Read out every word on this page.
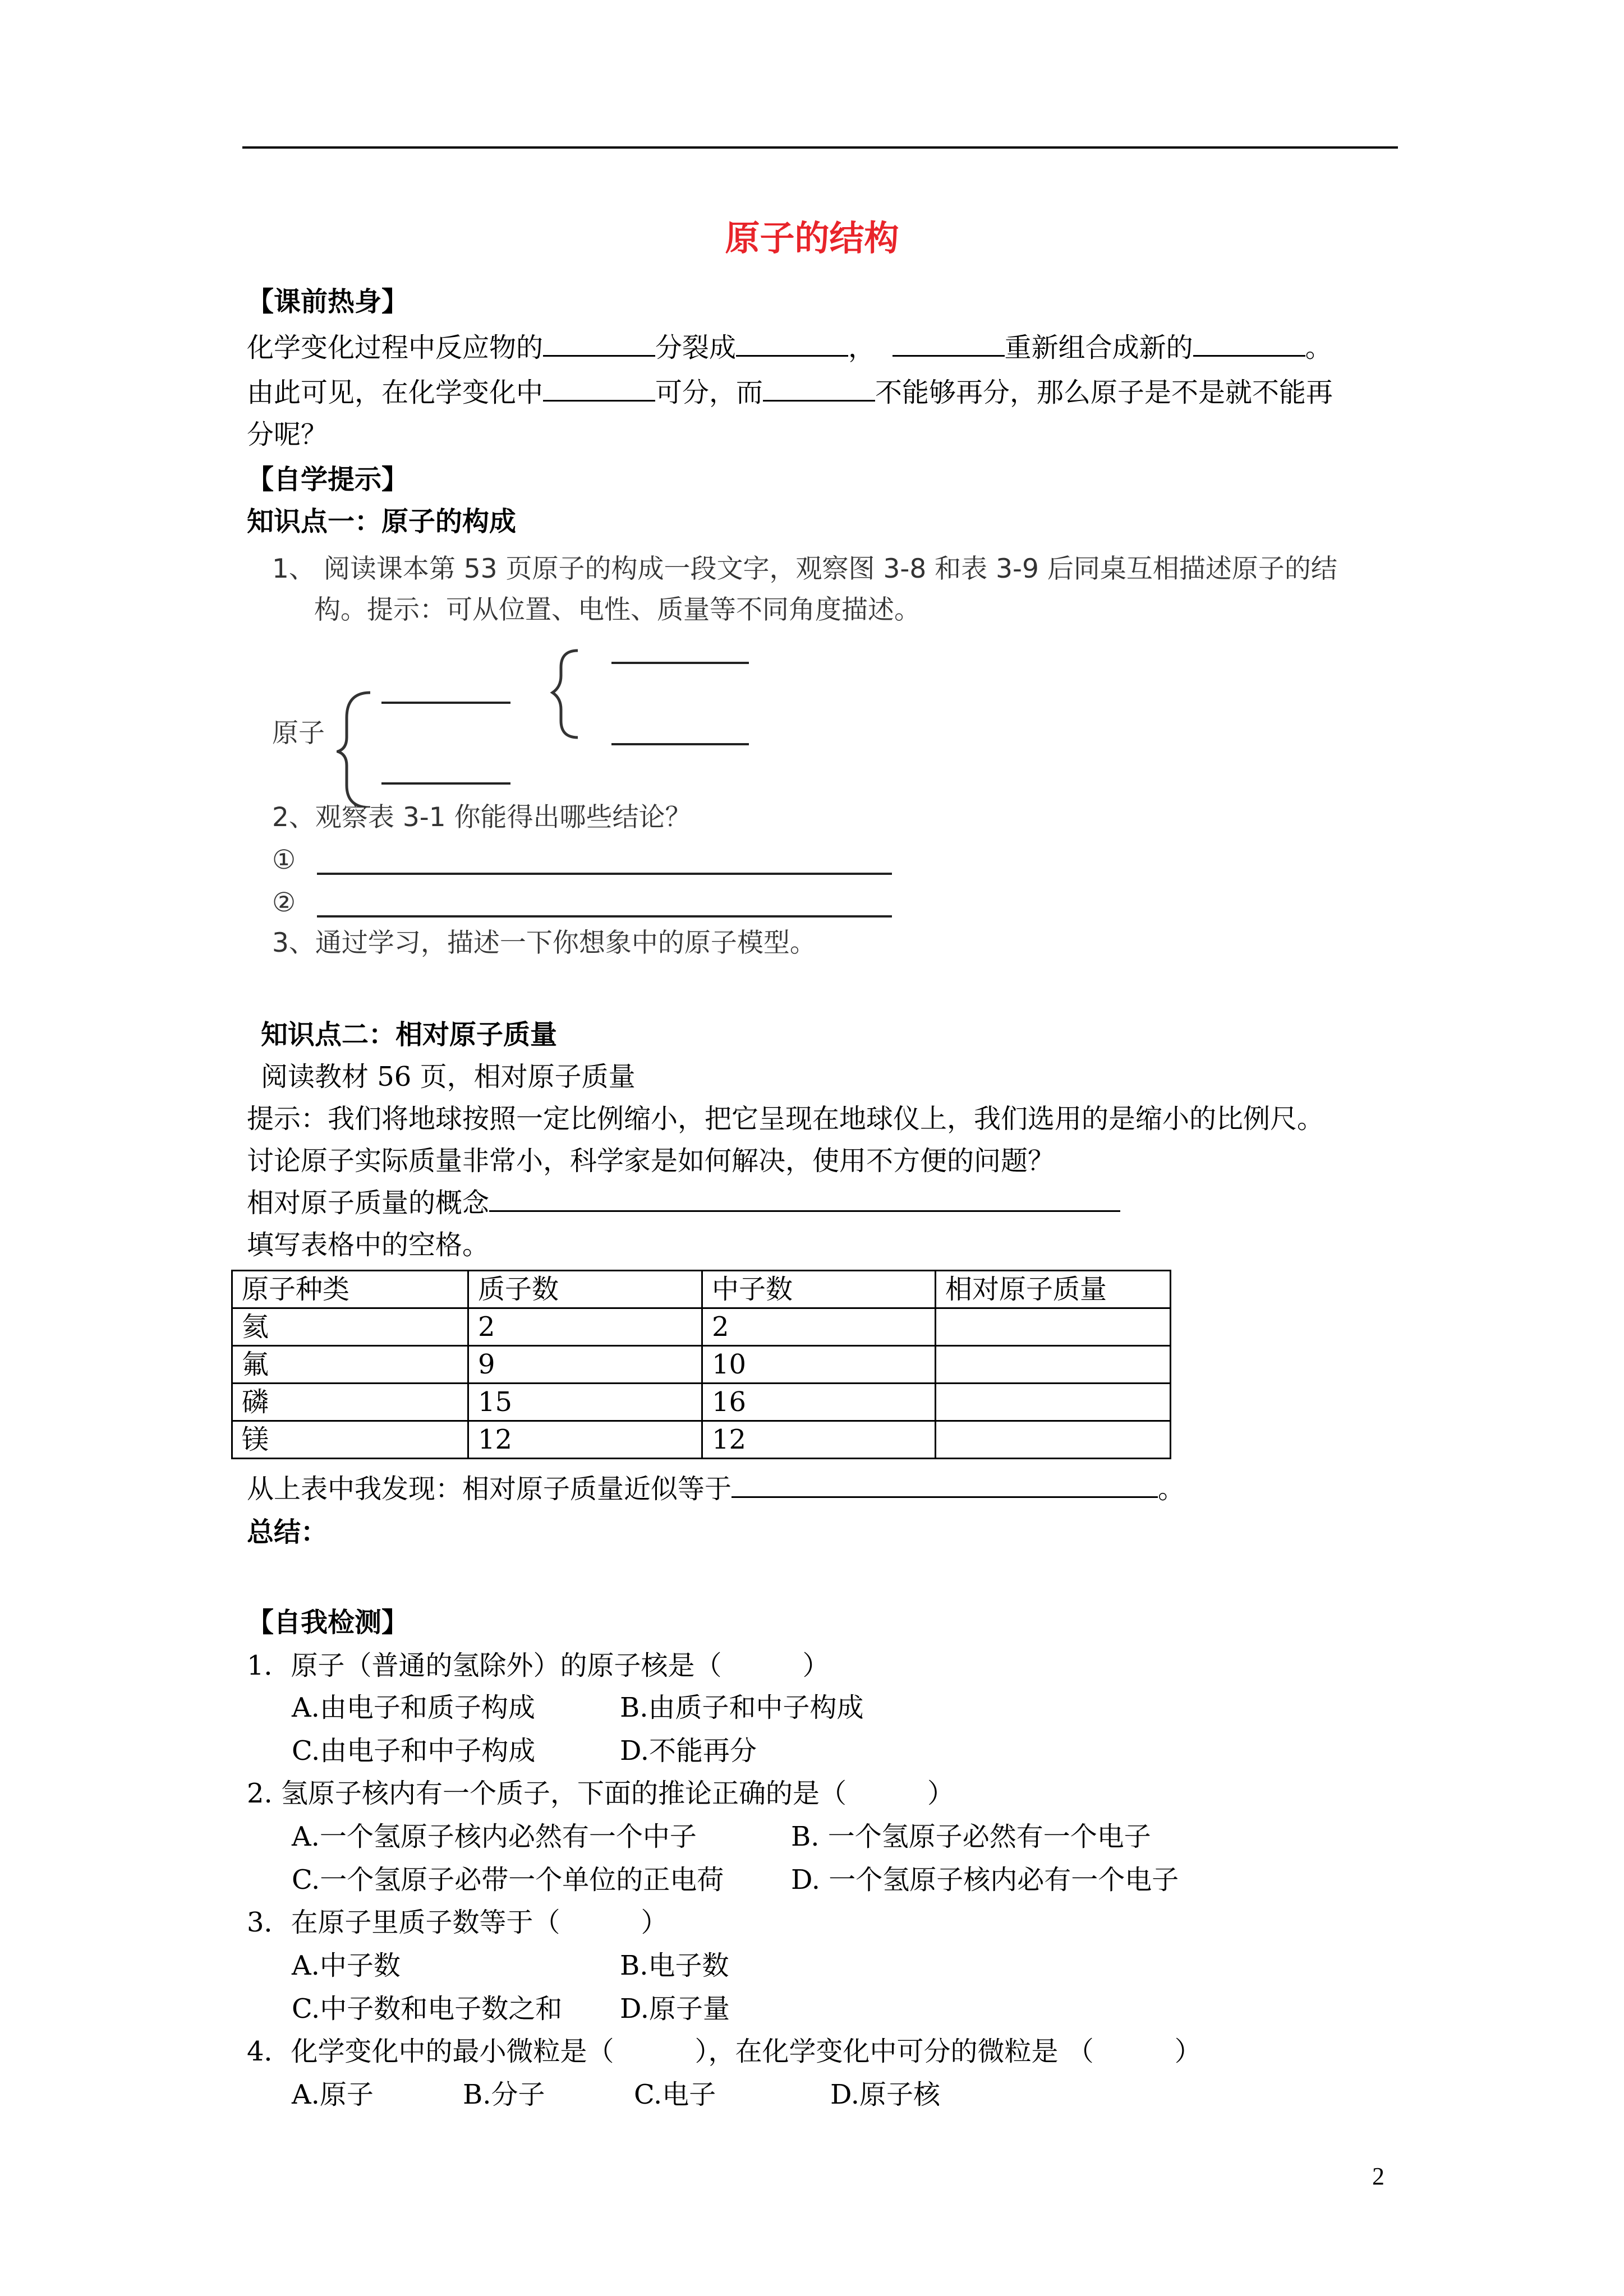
原子的结构
【课前热身】
化学变化过程中反应物的	分裂成	，	重新组合成新的	。
由此可见，在化学变化中	可分，而	不能够再分，那么原子是不是就不能再
分呢？
【自学提示】
知识点一：原子的构成
1、 阅读课本第 53 页原子的构成一段文字，观察图 3-8 和表 3-9 后同桌互相描述原子的结
构。提示：可从位置、电性、质量等不同角度描述。
原子
2、观察表 3-1 你能得出哪些结论？
①
②
3、通过学习，描述一下你想象中的原子模型。
知识点二：相对原子质量
阅读教材 56 页，相对原子质量
提示：我们将地球按照一定比例缩小，把它呈现在地球仪上，我们选用的是缩小的比例尺。
讨论原子实际质量非常小，科学家是如何解决，使用不方便的问题？
相对原子质量的概念
填写表格中的空格。
原子种类	质子数	中子数	相对原子质量
氦	2	2	
氟	9	10	
磷	15	16	
镁	12	12	
从上表中我发现：相对原子质量近似等于	。
总结：
【自我检测】
1．原子（普通的氢除外）的原子核是（　　　）
A.由电子和质子构成	B.由质子和中子构成
C.由电子和中子构成	D.不能再分
2. 氢原子核内有一个质子，下面的推论正确的是（　　　）
A.一个氢原子核内必然有一个中子	B. 一个氢原子必然有一个电子
C.一个氢原子必带一个单位的正电荷 D. 一个氢原子核内必有一个电子
3．在原子里质子数等于（　　　）
A.中子数	B.电子数
C.中子数和电子数之和 D.原子量
4．化学变化中的最小微粒是（　　　），在化学变化中可分的微粒是 （　　　）
A.原子	B.分子	C.电子	D.原子核
2
